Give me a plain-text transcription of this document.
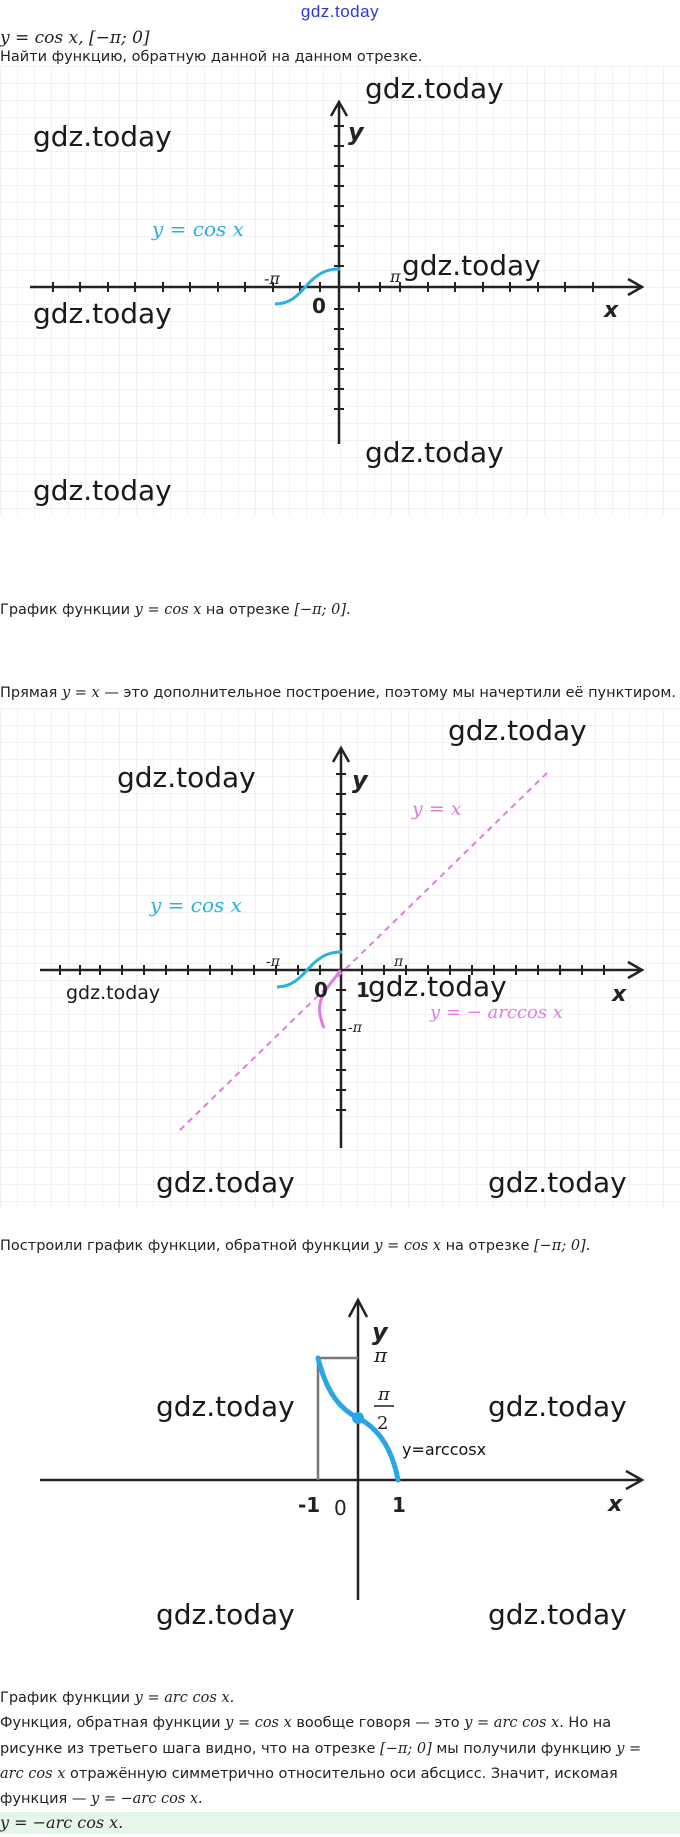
gdz.today
y = cos x, [−π; 0]
Найти функцию, обратную данной на данном отрезке.
y
x
0
-π	π
y = cos x
gdz.today
gdz.today
gdz.today
gdz.today
gdz.today
gdz.today
График функции y = cos x на отрезке [−π; 0].
Прямая y = x — это дополнительное построение, поэтому мы начертили её пунктиром.
y
x
0 1
-π	π
-π
y = x
y = cos x
y = − arccos x
gdz.today
gdz.today
gdz.today	gdz.today
gdz.today	gdz.today
Построили график функции, обратной функции y = cos x на отрезке [−π; 0].
y
π
π
2
y=arccosx
-1 0 1	x
gdz.today	gdz.today
gdz.today	gdz.today
График функции y = arc cos x.
Функция, обратная функции y = cos x вообще говоря — это y = arc cos x. Но на
рисунке из третьего шага видно, что на отрезке [−π; 0] мы получили функцию y =
arc cos x отражённую симметрично относительно оси абсцисс. Значит, искомая
функция — y = −arc cos x.
y = −arc cos x.
